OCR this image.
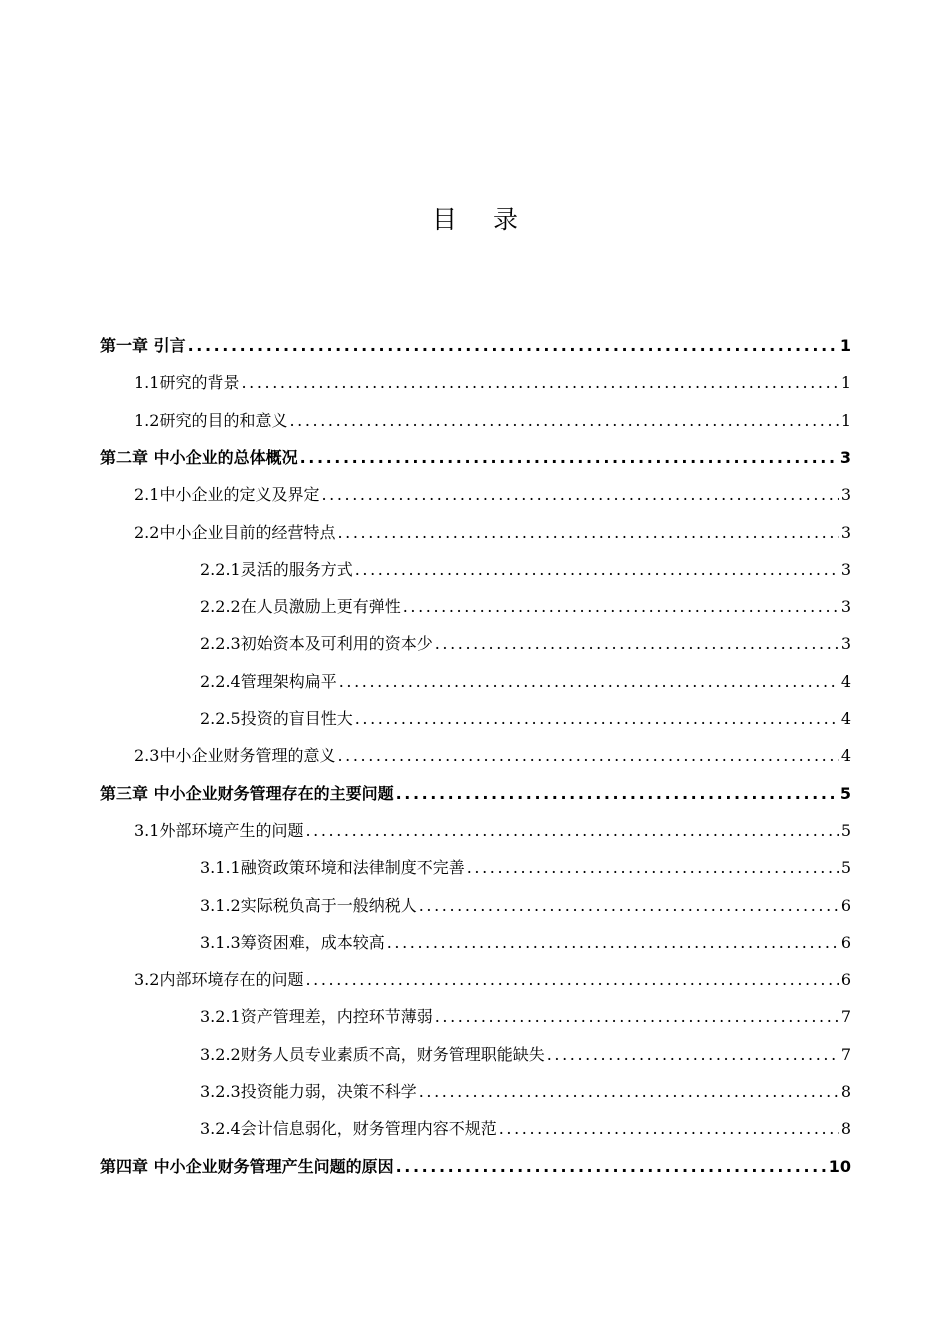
目 录
第一章 引言 .....	1
1.1 研究的背景 .....	1
1.2 研究的目的和意义 .....	1
第二章 中小企业的总体概况 .....	3
2.1 中小企业的定义及界定 .....	3
2.2 中小企业目前的经营特点 .....	3
2.2.1 灵活的服务方式 .....	3
2.2.2 在人员激励上更有弹性 .....	3
2.2.3 初始资本及可利用的资本少 .....	3
2.2.4 管理架构扁平 .....	4
2.2.5 投资的盲目性大 .....	4
2.3 中小企业财务管理的意义 .....	4
第三章 中小企业财务管理存在的主要问题 .....	5
3.1 外部环境产生的问题 .....	5
3.1.1 融资政策环境和法律制度不完善 .....	5
3.1.2 实际税负高于一般纳税人 .....	6
3.1.3 筹资困难，成本较高 .....	6
3.2 内部环境存在的问题 .....	6
3.2.1 资产管理差，内控环节薄弱 .....	7
3.2.2 财务人员专业素质不高，财务管理职能缺失 .....	7
3.2.3 投资能力弱，决策不科学 .....	8
3.2.4 会计信息弱化，财务管理内容不规范 .....	8
第四章 中小企业财务管理产生问题的原因 .....	10
